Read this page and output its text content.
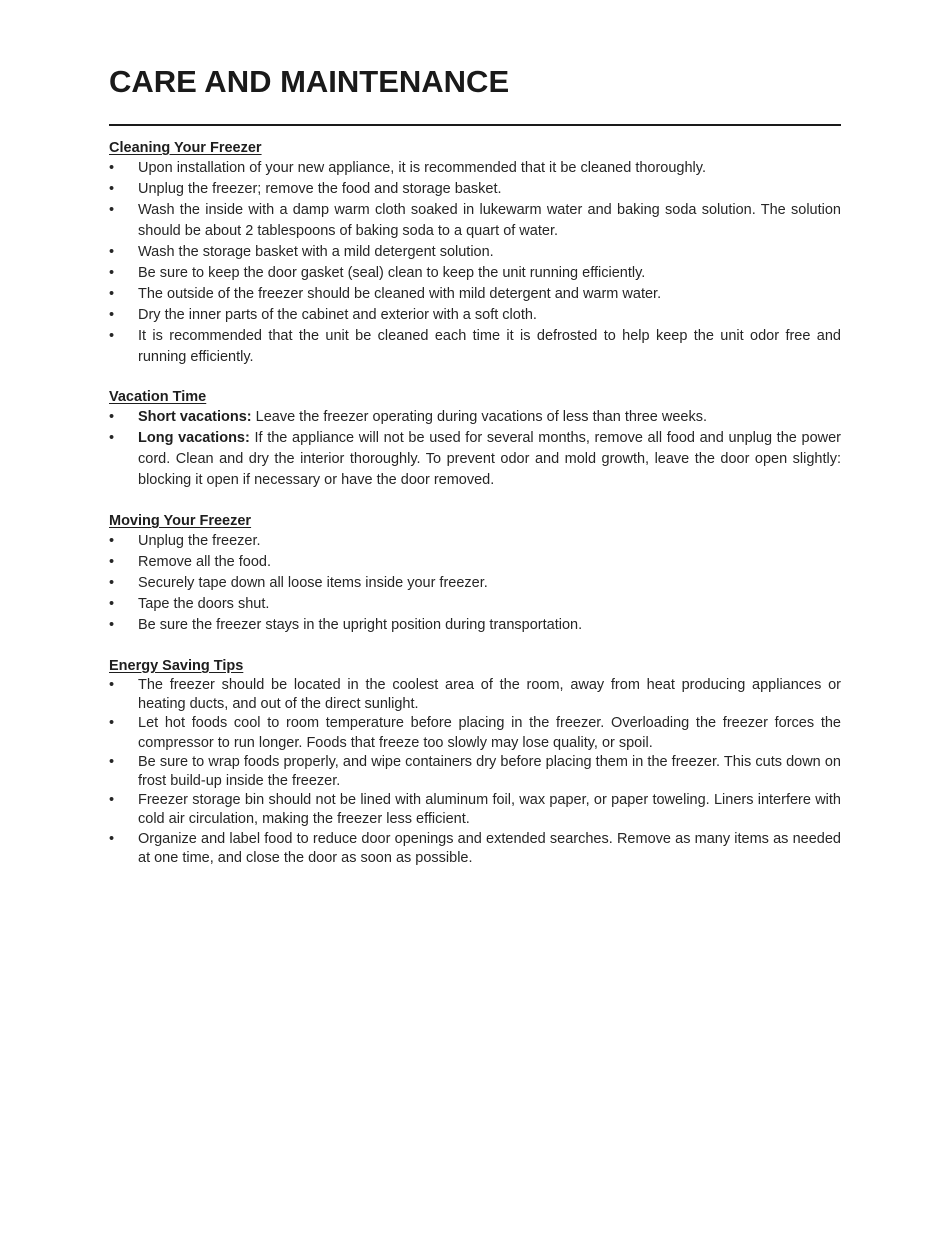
CARE AND MAINTENANCE
Cleaning Your Freezer
•	Upon installation of your new appliance, it is recommended that it be cleaned thoroughly.
•	Unplug the freezer; remove the food and storage basket.
•	Wash the inside with a damp warm cloth soaked in lukewarm water and baking soda solution. The solution should be about 2 tablespoons of baking soda to a quart of water.
•	Wash the storage basket with a mild detergent solution.
•	Be sure to keep the door gasket (seal) clean to keep the unit running efficiently.
•	The outside of the freezer should be cleaned with mild detergent and warm water.
•	Dry the inner parts of the cabinet and exterior with a soft cloth.
•	It is recommended that the unit be cleaned each time it is defrosted to help keep the unit odor free and running efficiently.
Vacation Time
•	Short vacations: Leave the freezer operating during vacations of less than three weeks.
•	Long vacations: If the appliance will not be used for several months, remove all food and unplug the power cord. Clean and dry the interior thoroughly. To prevent odor and mold growth, leave the door open slightly: blocking it open if necessary or have the door removed.
Moving Your Freezer
•	Unplug the freezer.
•	Remove all the food.
•	Securely tape down all loose items inside your freezer.
•	Tape the doors shut.
•	Be sure the freezer stays in the upright position during transportation.
Energy Saving Tips
•	The freezer should be located in the coolest area of the room, away from heat producing appliances or heating ducts, and out of the direct sunlight.
•	Let hot foods cool to room temperature before placing in the freezer. Overloading the freezer forces the compressor to run longer. Foods that freeze too slowly may lose quality, or spoil.
•	Be sure to wrap foods properly, and wipe containers dry before placing them in the freezer. This cuts down on frost build-up inside the freezer.
•	Freezer storage bin should not be lined with aluminum foil, wax paper, or paper toweling. Liners interfere with cold air circulation, making the freezer less efficient.
•	Organize and label food to reduce door openings and extended searches. Remove as many items as needed at one time, and close the door as soon as possible.
